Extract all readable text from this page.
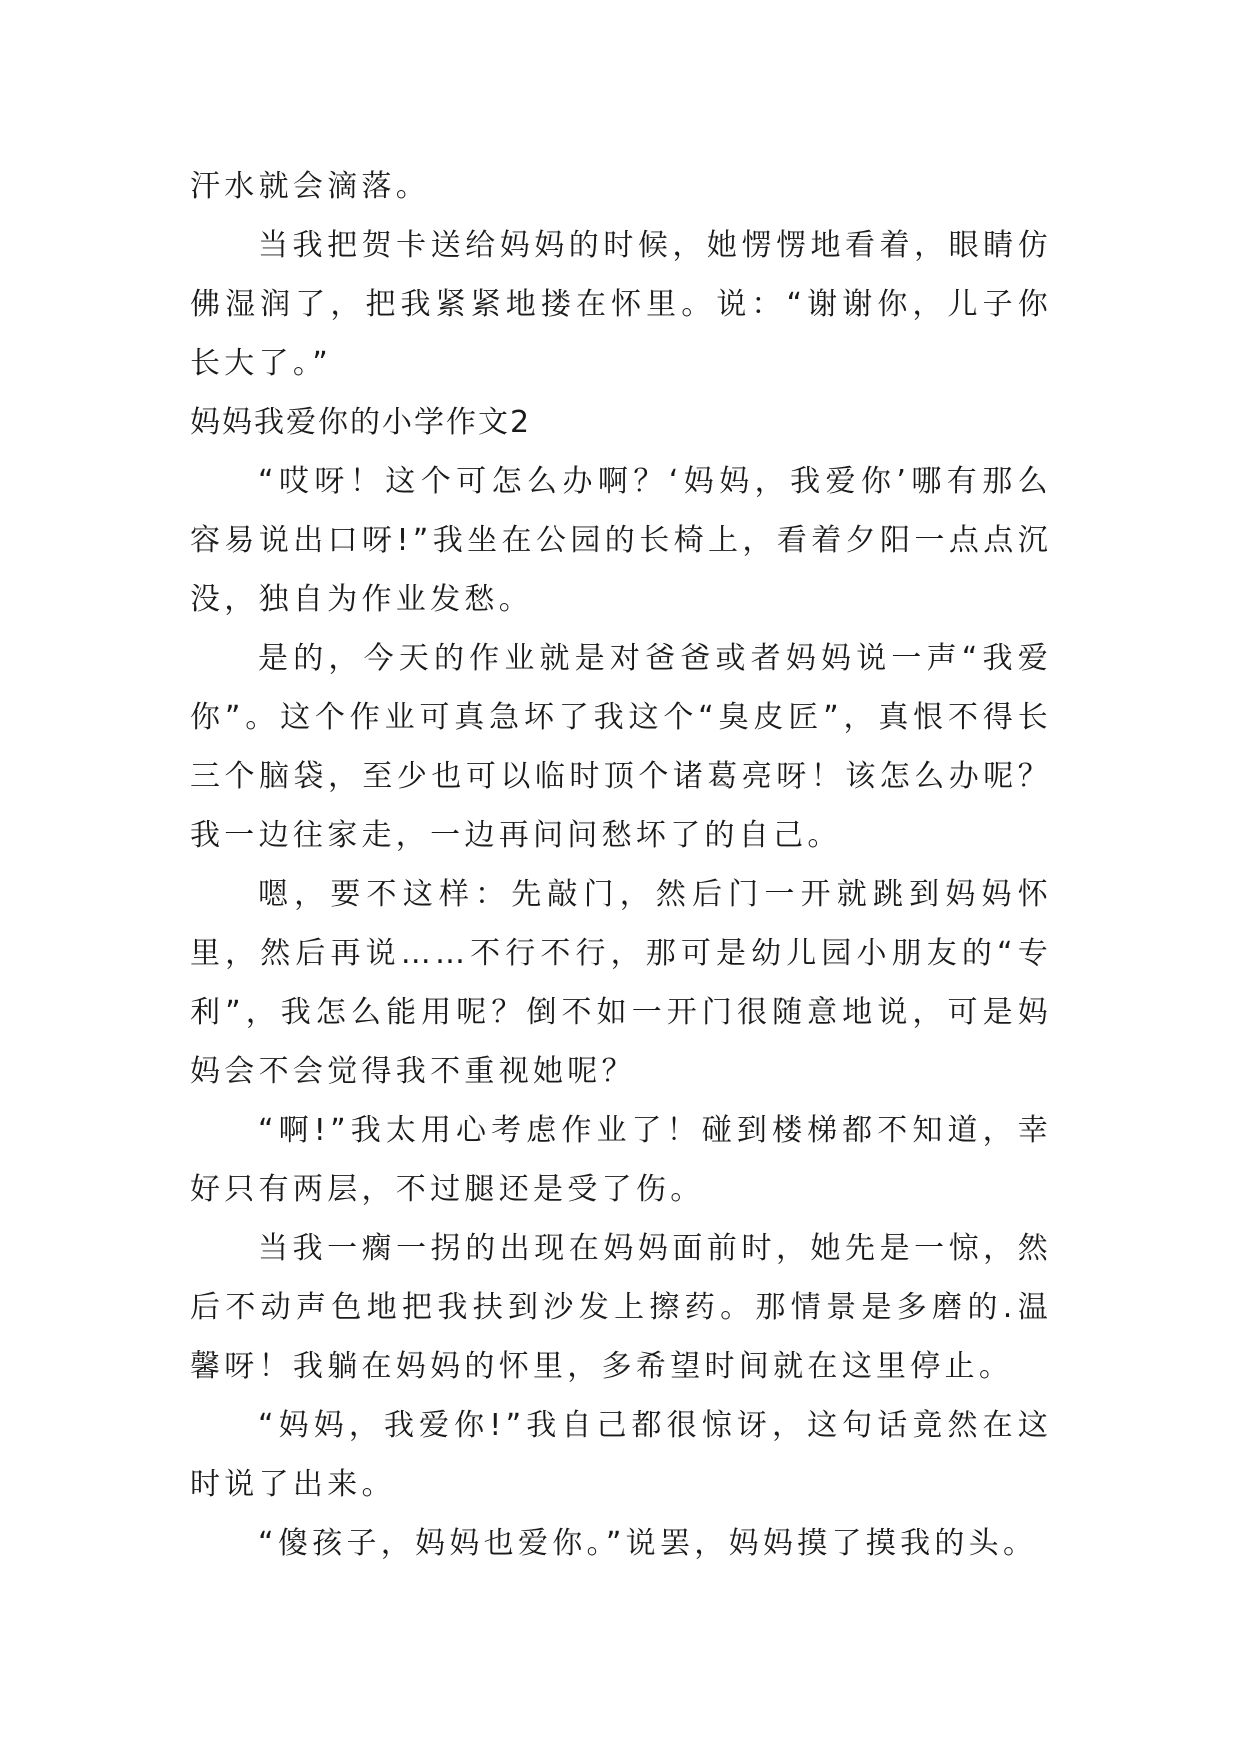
汗水就会滴落。

当我把贺卡送给妈妈的时候，她愣愣地看着，眼睛仿佛湿润了，把我紧紧地搂在怀里。说：“谢谢你，儿子你长大了。”

妈妈我爱你的小学作文2

“哎呀！这个可怎么办啊？‘妈妈，我爱你’哪有那么容易说出口呀!”我坐在公园的长椅上，看着夕阳一点点沉没，独自为作业发愁。

是的，今天的作业就是对爸爸或者妈妈说一声“我爱你”。这个作业可真急坏了我这个“臭皮匠”，真恨不得长三个脑袋，至少也可以临时顶个诸葛亮呀！该怎么办呢？我一边往家走，一边再问问愁坏了的自己。

嗯，要不这样：先敲门，然后门一开就跳到妈妈怀里，然后再说……不行不行，那可是幼儿园小朋友的“专利”，我怎么能用呢？倒不如一开门很随意地说，可是妈妈会不会觉得我不重视她呢？

“啊!”我太用心考虑作业了！碰到楼梯都不知道，幸好只有两层，不过腿还是受了伤。

当我一瘸一拐的出现在妈妈面前时，她先是一惊，然后不动声色地把我扶到沙发上擦药。那情景是多磨的.温馨呀！我躺在妈妈的怀里，多希望时间就在这里停止。

“妈妈，我爱你!”我自己都很惊讶，这句话竟然在这时说了出来。

“傻孩子，妈妈也爱你。”说罢，妈妈摸了摸我的头。
